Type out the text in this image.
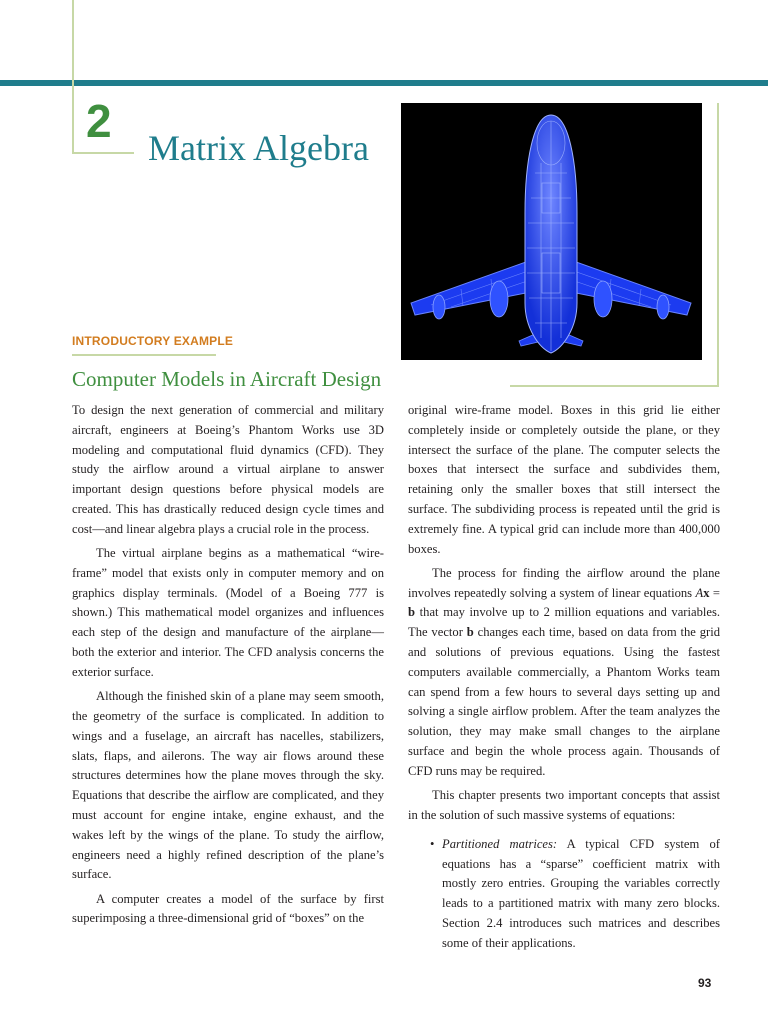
2
Matrix Algebra
INTRODUCTORY EXAMPLE
Computer Models in Aircraft Design

To design the next generation of commercial and military aircraft, engineers at Boeing’s Phantom Works use 3D modeling and computational fluid dynamics (CFD). They study the airflow around a virtual airplane to answer important design questions before physical models are created. This has drastically reduced design cycle times and cost—and linear algebra plays a crucial role in the process.

The virtual airplane begins as a mathematical “wire-frame” model that exists only in computer memory and on graphics display terminals. (Model of a Boeing 777 is shown.) This mathematical model organizes and influences each step of the design and manufacture of the airplane—both the exterior and interior. The CFD analysis concerns the exterior surface.

Although the finished skin of a plane may seem smooth, the geometry of the surface is complicated. In addition to wings and a fuselage, an aircraft has nacelles, stabilizers, slats, flaps, and ailerons. The way air flows around these structures determines how the plane moves through the sky. Equations that describe the airflow are complicated, and they must account for engine intake, engine exhaust, and the wakes left by the wings of the plane. To study the airflow, engineers need a highly refined description of the plane’s surface.

A computer creates a model of the surface by first superimposing a three-dimensional grid of “boxes” on the

original wire-frame model. Boxes in this grid lie either completely inside or completely outside the plane, or they intersect the surface of the plane. The computer selects the boxes that intersect the surface and subdivides them, retaining only the smaller boxes that still intersect the surface. The subdividing process is repeated until the grid is extremely fine. A typical grid can include more than 400,000 boxes.

The process for finding the airflow around the plane involves repeatedly solving a system of linear equations Ax = b that may involve up to 2 million equations and variables. The vector b changes each time, based on data from the grid and solutions of previous equations. Using the fastest computers available commercially, a Phantom Works team can spend from a few hours to several days setting up and solving a single airflow problem. After the team analyzes the solution, they may make small changes to the airplane surface and begin the whole process again. Thousands of CFD runs may be required.

This chapter presents two important concepts that assist in the solution of such massive systems of equations:

• Partitioned matrices: A typical CFD system of equations has a “sparse” coefficient matrix with mostly zero entries. Grouping the variables correctly leads to a partitioned matrix with many zero blocks. Section 2.4 introduces such matrices and describes some of their applications.
93
